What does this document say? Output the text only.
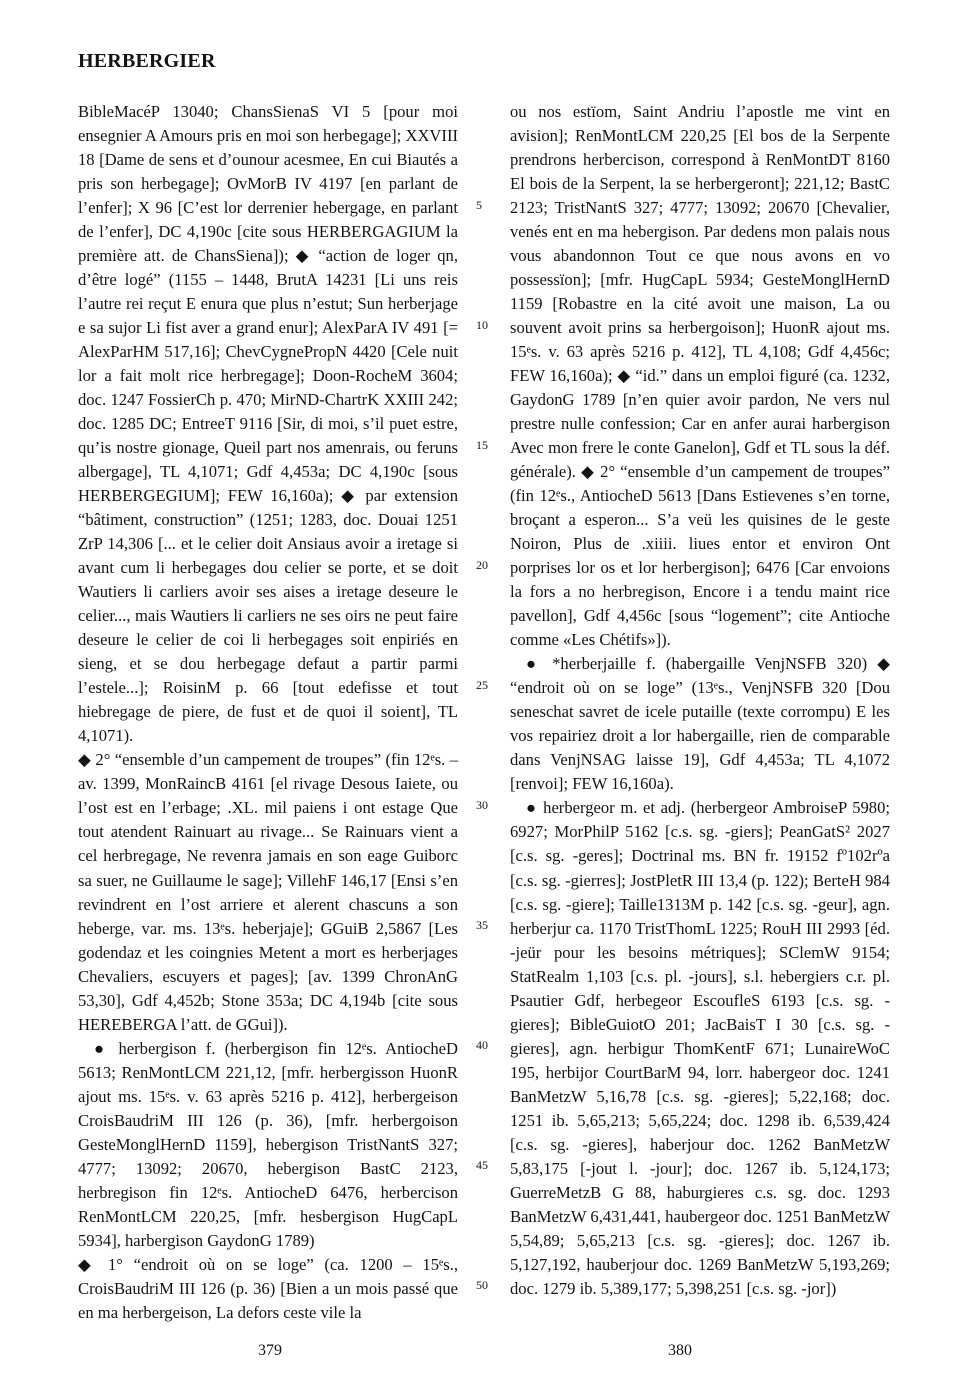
HERBERGIER

BibleMacéP 13040; ChansSienaS VI 5 [pour moi ensegnier A Amours pris en moi son herbegage]; XXVIII 18 [Dame de sens et d’ounour acesmee, En cui Biautés a pris son herbegage]; OvMorB IV 4197 [en parlant de l’enfer]; X 96 [C’est lor derrenier hebergage, en parlant de l’enfer], DC 4,190c [cite sous HERBERGAGIUM la première att. de ChansSiena]); ◆ “action de loger qn, d’être logé” (1155 – 1448, BrutA 14231 [Li uns reis l’autre rei reçut E enura que plus n’estut; Sun herberjage e sa sujor Li fist aver a grand enur]; AlexParA IV 491 [= AlexParHM 517,16]; ChevCygnePropN 4420 [Cele nuit lor a fait molt rice herbregage]; Doon-RocheM 3604; doc. 1247 FossierCh p. 470; MirND-ChartrK XXIII 242; doc. 1285 DC; EntreeT 9116 [Sir, di moi, s’il puet estre, qu’is nostre gionage, Queil part nos amenrais, ou feruns albergage], TL 4,1071; Gdf 4,453a; DC 4,190c [sous HERBERGEGIUM]; FEW 16,160a); ◆ par extension “bâtiment, construction” (1251; 1283, doc. Douai 1251 ZrP 14,306 [... et le celier doit Ansiaus avoir a iretage si avant cum li herbegages dou celier se porte, et se doit Wautiers li carliers avoir ses aises a iretage deseure le celier..., mais Wautiers li carliers ne ses oirs ne peut faire deseure le celier de coi li herbegages soit enpiriés en sieng, et se dou herbegage defaut a partir parmi l’estele...]; RoisinM p. 66 [tout edefisse et tout hiebregage de piere, de fust et de quoi il soient], TL 4,1071).

◆ 2° “ensemble d’un campement de troupes” (fin 12ᵉs. – av. 1399, MonRaincB 4161 [el rivage Desous Iaiete, ou l’ost est en l’erbage; .XL. mil paiens i ont estage Que tout atendent Rainuart au rivage... Se Rainuars vient a cel herbregage, Ne revenra jamais en son eage Guiborc sa suer, ne Guillaume le sage]; VillehF 146,17 [Ensi s’en revindrent en l’ost arriere et alerent chascuns a son heberge, var. ms. 13ᵉs. heberjaje]; GGuiB 2,5867 [Les godendaz et les coingnies Metent a mort es herberjages Chevaliers, escuyers et pages]; [av. 1399 ChronAnG 53,30], Gdf 4,452b; Stone 353a; DC 4,194b [cite sous HEREBERGA l’att. de GGui]).

● herbergison f. (herbergison fin 12ᵉs. AntiocheD 5613; RenMontLCM 221,12, [mfr. herbergisson HuonR ajout ms. 15ᵉs. v. 63 après 5216 p. 412], herbergeison CroisBaudriM III 126 (p. 36), [mfr. herbergoison GesteMonglHernD 1159], hebergison TristNantS 327; 4777; 13092; 20670, hebergison BastC 2123, herbregison fin 12ᵉs. AntiocheD 6476, herbercison RenMontLCM 220,25, [mfr. hesbergison HugCapL 5934], harbergison GaydonG 1789)

◆ 1° “endroit où on se loge” (ca. 1200 – 15ᵉs., CroisBaudriM III 126 (p. 36) [Bien a un mois passé que en ma herbergeison, La defors ceste vile la

5
10
15
20
25
30
35
40
45
50

ou nos estïom, Saint Andriu l’apostle me vint en avision]; RenMontLCM 220,25 [El bos de la Serpente prendrons herbercison, correspond à RenMontDT 8160 El bois de la Serpent, la se herbergeront]; 221,12; BastC 2123; TristNantS 327; 4777; 13092; 20670 [Chevalier, venés ent en ma hebergison. Par dedens mon palais nous vous abandonnon Tout ce que nous avons en vo possessïon]; [mfr. HugCapL 5934; GesteMonglHernD 1159 [Robastre en la cité avoit une maison, La ou souvent avoit prins sa herbergoison]; HuonR ajout ms. 15ᵉs. v. 63 après 5216 p. 412], TL 4,108; Gdf 4,456c; FEW 16,160a); ◆ “id.” dans un emploi figuré (ca. 1232, GaydonG 1789 [n’en quier avoir pardon, Ne vers nul prestre nulle confession; Car en anfer aurai harbergison Avec mon frere le conte Ganelon], Gdf et TL sous la déf. générale). ◆ 2° “ensemble d’un campement de troupes” (fin 12ᵉs., AntiocheD 5613 [Dans Estievenes s’en torne, broçant a esperon... S’a veü les quisines de le geste Noiron, Plus de .xiiii. liues entor et environ Ont porprises lor os et lor herbergison]; 6476 [Car envoions la fors a no herbregison, Encore i a tendu maint rice pavellon], Gdf 4,456c [sous “logement”; cite Antioche comme «Les Chétifs»]).

● *herberjaille f. (habergaille VenjNSFB 320) ◆ “endroit où on se loge” (13ᵉs., VenjNSFB 320 [Dou seneschat savret de icele putaille (texte corrompu) E les vos repairiez droit a lor habergaille, rien de comparable dans VenjNSAG laisse 19], Gdf 4,453a; TL 4,1072 [renvoi]; FEW 16,160a).

● herbergeor m. et adj. (herbergeor AmbroiseP 5980; 6927; MorPhilP 5162 [c.s. sg. -giers]; PeanGatS² 2027 [c.s. sg. -geres]; Doctrinal ms. BN fr. 19152 fº102rºa [c.s. sg. -gierres]; JostPletR III 13,4 (p. 122); BerteH 984 [c.s. sg. -giere]; Taille1313M p. 142 [c.s. sg. -geur], agn. herberjur ca. 1170 TristThomL 1225; RouH III 2993 [éd. -jeür pour les besoins métriques]; SClemW 9154; StatRealm 1,103 [c.s. pl. -jours], s.l. hebergiers c.r. pl. Psautier Gdf, herbegeor EscoufleS 6193 [c.s. sg. -gieres]; BibleGuiotO 201; JacBaisT I 30 [c.s. sg. -gieres], agn. herbigur ThomKentF 671; LunaireWoC 195, herbijor CourtBarM 94, lorr. habergeor doc. 1241 BanMetzW 5,16,78 [c.s. sg. -gieres]; 5,22,168; doc. 1251 ib. 5,65,213; 5,65,224; doc. 1298 ib. 6,539,424 [c.s. sg. -gieres], haberjour doc. 1262 BanMetzW 5,83,175 [-jout l. -jour]; doc. 1267 ib. 5,124,173; GuerreMetzB G 88, haburgieres c.s. sg. doc. 1293 BanMetzW 6,431,441, haubergeor doc. 1251 BanMetzW 5,54,89; 5,65,213 [c.s. sg. -gieres]; doc. 1267 ib. 5,127,192, hauberjour doc. 1269 BanMetzW 5,193,269; doc. 1279 ib. 5,389,177; 5,398,251 [c.s. sg. -jor])

379	380
